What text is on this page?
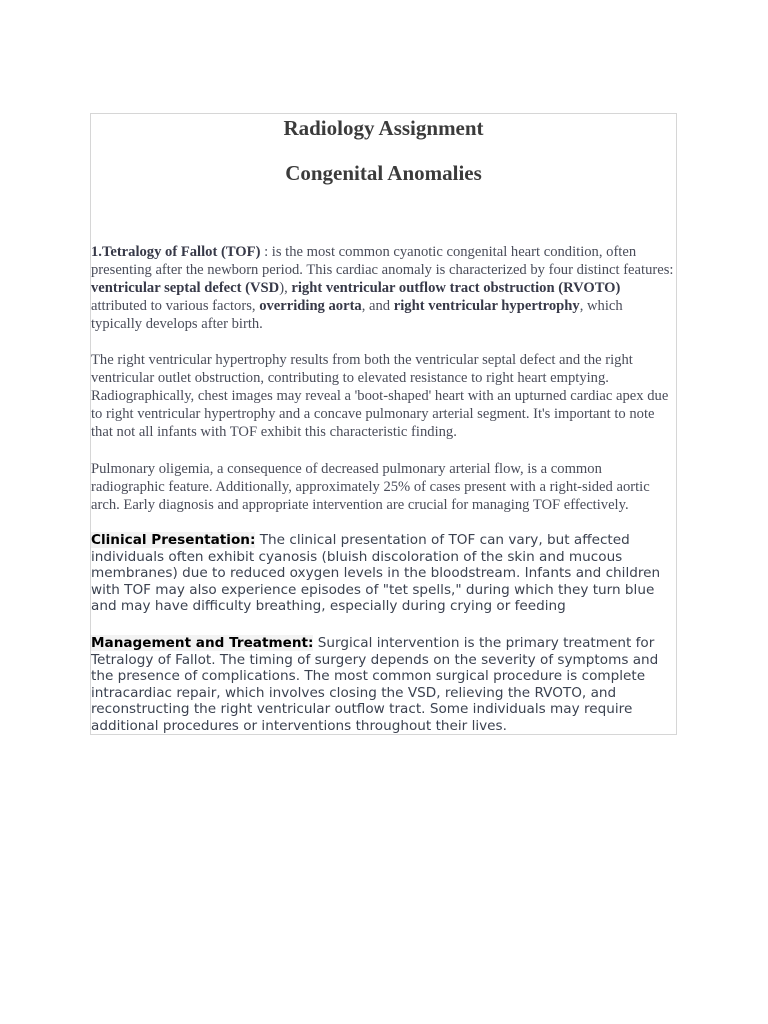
Radiology Assignment
Congenital Anomalies

1.Tetralogy of Fallot (TOF) : is the most common cyanotic congenital heart condition, often presenting after the newborn period. This cardiac anomaly is characterized by four distinct features: ventricular septal defect (VSD), right ventricular outflow tract obstruction (RVOTO) attributed to various factors, overriding aorta, and right ventricular hypertrophy, which typically develops after birth.

The right ventricular hypertrophy results from both the ventricular septal defect and the right ventricular outlet obstruction, contributing to elevated resistance to right heart emptying. Radiographically, chest images may reveal a 'boot-shaped' heart with an upturned cardiac apex due to right ventricular hypertrophy and a concave pulmonary arterial segment. It's important to note that not all infants with TOF exhibit this characteristic finding.

Pulmonary oligemia, a consequence of decreased pulmonary arterial flow, is a common radiographic feature. Additionally, approximately 25% of cases present with a right-sided aortic arch. Early diagnosis and appropriate intervention are crucial for managing TOF effectively.

Clinical Presentation: The clinical presentation of TOF can vary, but affected individuals often exhibit cyanosis (bluish discoloration of the skin and mucous membranes) due to reduced oxygen levels in the bloodstream. Infants and children with TOF may also experience episodes of "tet spells," during which they turn blue and may have difficulty breathing, especially during crying or feeding

Management and Treatment: Surgical intervention is the primary treatment for Tetralogy of Fallot. The timing of surgery depends on the severity of symptoms and the presence of complications. The most common surgical procedure is complete intracardiac repair, which involves closing the VSD, relieving the RVOTO, and reconstructing the right ventricular outflow tract. Some individuals may require additional procedures or interventions throughout their lives.
